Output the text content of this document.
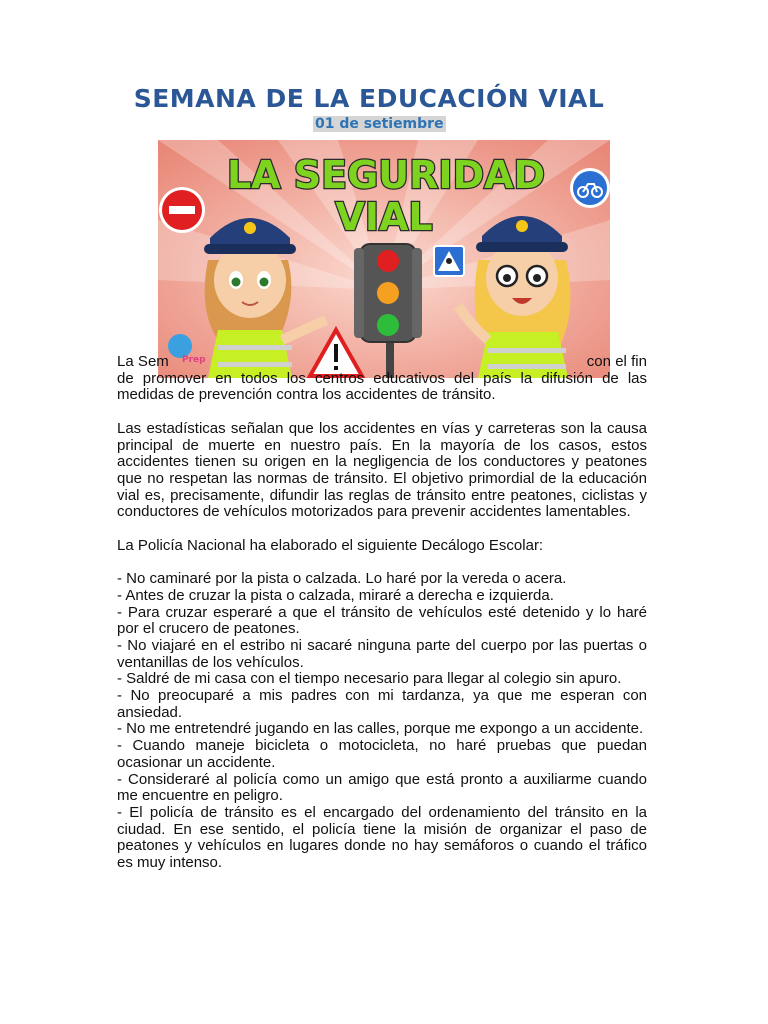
SEMANA DE LA EDUCACIÓN VIAL
01 de setiembre
LA SEGURIDAD
VIAL
Prep

La Sem	con el fin de promover en todos los centros educativos del país la difusión de las medidas de prevención contra los accidentes de tránsito.

Las estadísticas señalan que los accidentes en vías y carreteras son la causa principal de muerte en nuestro país. En la mayoría de los casos, estos accidentes tienen su origen en la negligencia de los conductores y peatones que no respetan las normas de tránsito. El objetivo primordial de la educación vial es, precisamente, difundir las reglas de tránsito entre peatones, ciclistas y conductores de vehículos motorizados para prevenir accidentes lamentables.

La Policía Nacional ha elaborado el siguiente Decálogo Escolar:

- No caminaré por la pista o calzada. Lo haré por la vereda o acera.

- Antes de cruzar la pista o calzada, miraré a derecha e izquierda.

- Para cruzar esperaré a que el tránsito de vehículos esté detenido y lo haré por el crucero de peatones.

- No viajaré en el estribo ni sacaré ninguna parte del cuerpo por las puertas o ventanillas de los vehículos.

- Saldré de mi casa con el tiempo necesario para llegar al colegio sin apuro.

- No preocuparé a mis padres con mi tardanza, ya que me esperan con ansiedad.

- No me entretendré jugando en las calles, porque me expongo a un accidente.

- Cuando maneje bicicleta o motocicleta, no haré pruebas que puedan ocasionar un accidente.

- Consideraré al policía como un amigo que está pronto a auxiliarme cuando me encuentre en peligro.

- El policía de tránsito es el encargado del ordenamiento del tránsito en la ciudad. En ese sentido, el policía tiene la misión de organizar el paso de peatones y vehículos en lugares donde no hay semáforos o cuando el tráfico es muy intenso.
